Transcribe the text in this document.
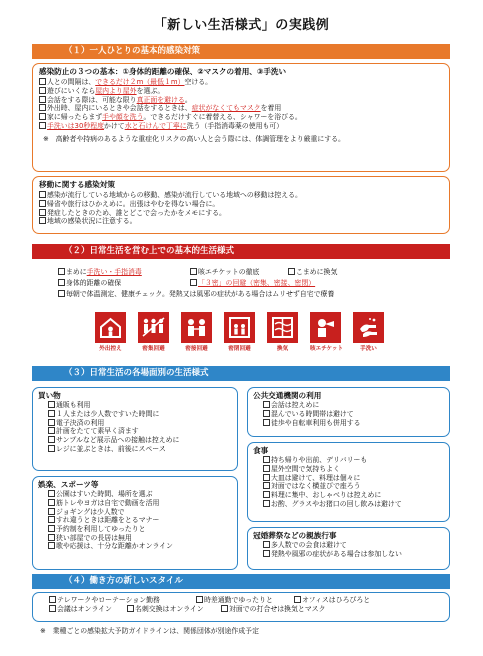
「新しい生活様式」の実践例
（１）一人ひとりの基本的感染対策
感染防止の３つの基本：①身体的距離の確保、②マスクの着用、③手洗い
人との間隔は、できるだけ２m（最低１m）空ける。
遊びにいくなら屋内より屋外を選ぶ。
会話をする際は、可能な限り真正面を避ける。
外出時、屋内にいるときや会話をするときは、症状がなくてもマスクを着用
家に帰ったらまず手や顔を洗う。できるだけすぐに着替える、シャワーを浴びる。
手洗いは30秒程度かけて水と石けんで丁寧に洗う（手指消毒薬の使用も可）
※　高齢者や持病のあるような重症化リスクの高い人と会う際には、体調管理をより厳重にする。
移動に関する感染対策
感染が流行している地域からの移動、感染が流行している地域への移動は控える。
帰省や旅行はひかえめに。出張はやむを得ない場合に。
発症したときのため、誰とどこで会ったかをメモにする。
地域の感染状況に注意する。
（２）日常生活を営む上での基本的生活様式
まめに手洗い・手指消毒	咳エチケットの徹底	こまめに換気
身体的距離の確保	「３密」の回避（密集、密接、密閉）
毎朝で体温測定、健康チェック。発熱又は風邪の症状がある場合はムリせず自宅で療養
外出控え	密集回避	密接回避	密閉回避	換気	咳エチケット	手洗い
（３）日常生活の各場面別の生活様式
買い物
通販も利用
１人または少人数ですいた時間に
電子決済の利用
計画をたてて素早く済ます
サンプルなど展示品への接触は控えめに
レジに並ぶときは、前後にスペース
娯楽、スポーツ等
公園はすいた時間、場所を選ぶ
筋トレやヨガは自宅で動画を活用
ジョギングは少人数で
すれ違うときは距離をとるマナー
予約制を利用してゆったりと
狭い部屋での長居は無用
歌や応援は、十分な距離かオンライン
公共交通機関の利用
会話は控えめに
混んでいる時間帯は避けて
徒歩や自転車利用も併用する
食事
持ち帰りや出前、デリバリーも
屋外空間で気持ちよく
大皿は避けて、料理は個々に
対面ではなく横並びで座ろう
料理に集中、おしゃべりは控えめに
お酌、グラスやお猪口の回し飲みは避けて
冠婚葬祭などの親族行事
多人数での会食は避けて
発熱や風邪の症状がある場合は参加しない
（４）働き方の新しいスタイル
テレワークやローテーション勤務	時差通勤でゆったりと	オフィスはひろびろと
会議はオンライン	名刺交換はオンライン	対面での打合せは換気とマスク
※　業種ごとの感染拡大予防ガイドラインは、関係団体が別途作成予定
